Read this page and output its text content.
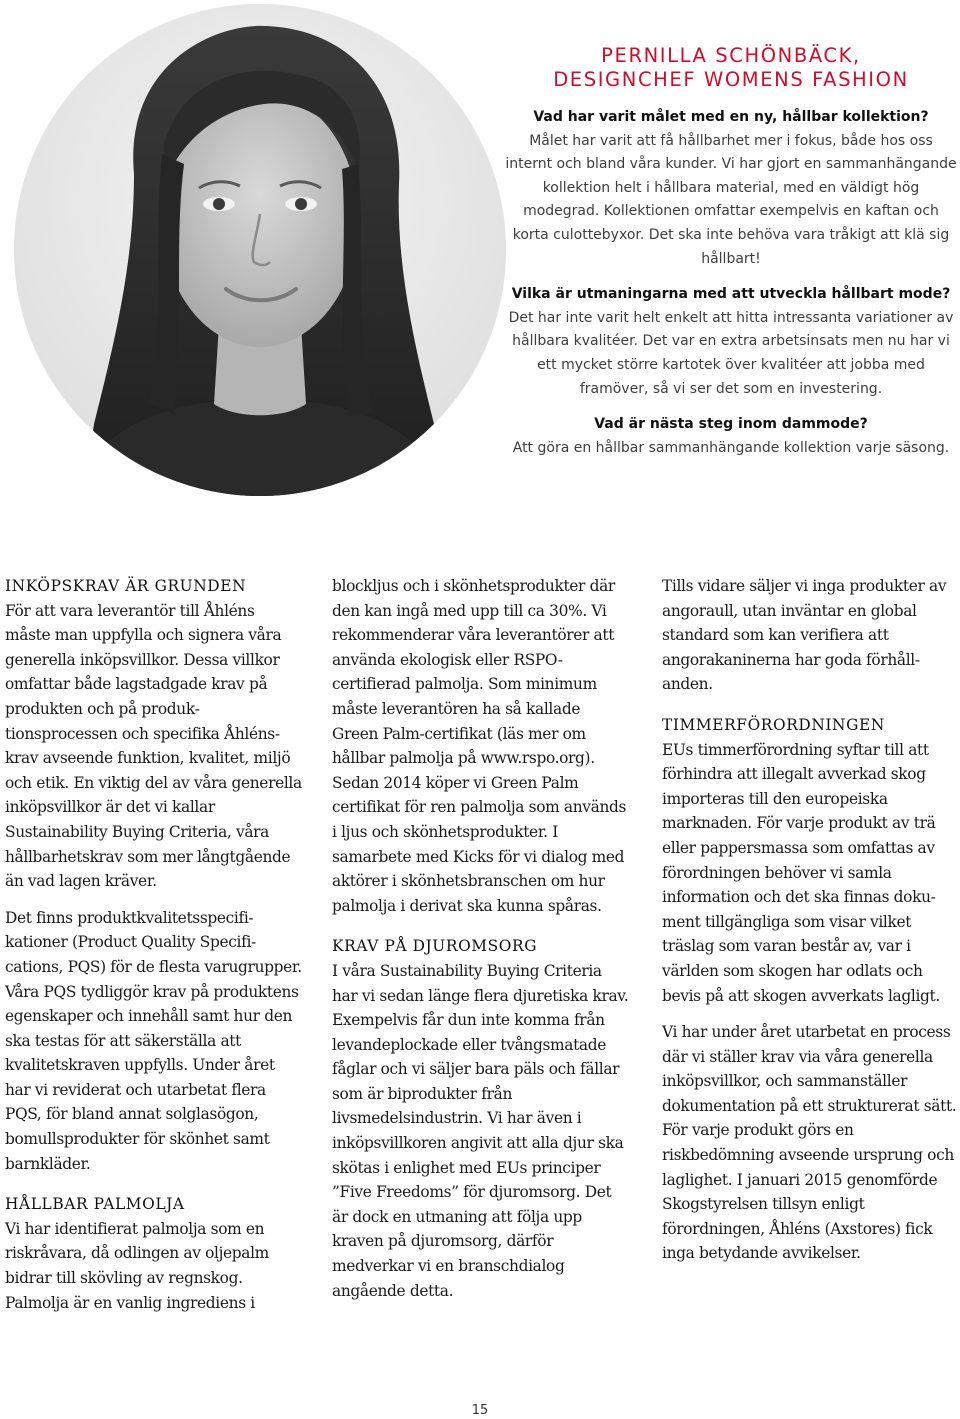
PERNILLA SCHÖNBÄCK,
DESIGNCHEF WOMENS FASHION

Vad har varit målet med en ny, hållbar kollektion?

Målet har varit att få hållbarhet mer i fokus, både hos oss internt och bland våra kunder. Vi har gjort en sammanhängande kollektion helt i hållbara material, med en väldigt hög modegrad. Kollektionen omfattar exempelvis en kaftan och korta culottebyxor. Det ska inte behöva vara tråkigt att klä sig hållbart!

Vilka är utmaningarna med att utveckla hållbart mode?

Det har inte varit helt enkelt att hitta intressanta variationer av hållbara kvalitéer. Det var en extra arbetsinsats men nu har vi ett mycket större kartotek över kvalitéer att jobba med framöver, så vi ser det som en investering.

Vad är nästa steg inom dammode?

Att göra en hållbar sammanhängande kollektion varje säsong.

INKÖPSKRAV ÄR GRUNDEN

För att vara leverantör till Åhléns måste man uppfylla och signera våra generella inköpsvillkor. Dessa villkor omfattar både lagstadgade krav på produkten och på produktionsprocessen och specifika Åhléns-krav avseende funktion, kvalitet, miljö och etik. En viktig del av våra generella inköpsvillkor är det vi kallar Sustainability Buying Criteria, våra hållbarhetskrav som mer långtgående än vad lagen kräver.

Det finns produktkvalitetsspecifikationer (Product Quality Specifications, PQS) för de flesta varugrupper. Våra PQS tydliggör krav på produktens egenskaper och innehåll samt hur den ska testas för att säkerställa att kvalitetskraven uppfylls. Under året har vi reviderat och utarbetat flera PQS, för bland annat solglasögon, bomullsprodukter för skönhet samt barnkläder.

HÅLLBAR PALMOLJA

Vi har identifierat palmolja som en riskråvara, då odlingen av oljepalm bidrar till skövling av regnskog. Palmolja är en vanlig ingrediens i

blockljus och i skönhetsprodukter där den kan ingå med upp till ca 30%. Vi rekommenderar våra leverantörer att använda ekologisk eller RSPO-certifierad palmolja. Som minimum måste leverantören ha så kallade Green Palm-certifikat (läs mer om hållbar palmolja på www.rspo.org). Sedan 2014 köper vi Green Palm certifikat för ren palmolja som används i ljus och skönhetsprodukter. I samarbete med Kicks för vi dialog med aktörer i skönhetsbranschen om hur palmolja i derivat ska kunna spåras.

KRAV PÅ DJUROMSORG

I våra Sustainability Buying Criteria har vi sedan länge flera djuretiska krav. Exempelvis får dun inte komma från levandeplockade eller tvångsmatade fåglar och vi säljer bara päls och fällar som är biprodukter från livsmedelsindustrin. Vi har även i inköpsvillkoren angivit att alla djur ska skötas i enlighet med EUs principer ”Five Freedoms” för djuromsorg. Det är dock en utmaning att följa upp kraven på djuromsorg, därför medverkar vi en branschdialog angående detta.

Tills vidare säljer vi inga produkter av angoraull, utan inväntar en global standard som kan verifiera att angorakaninerna har goda förhållanden.

TIMMERFÖRORDNINGEN

EUs timmerförordning syftar till att förhindra att illegalt avverkad skog importeras till den europeiska marknaden. För varje produkt av trä eller pappersmassa som omfattas av förordningen behöver vi samla information och det ska finnas dokument tillgängliga som visar vilket träslag som varan består av, var i världen som skogen har odlats och bevis på att skogen avverkats lagligt.

Vi har under året utarbetat en process där vi ställer krav via våra generella inköpsvillkor, och sammanställer dokumentation på ett strukturerat sätt. För varje produkt görs en riskbedömning avseende ursprung och laglighet. I januari 2015 genomförde Skogstyrelsen tillsyn enligt förordningen, Åhléns (Axstores) fick inga betydande avvikelser.

15
